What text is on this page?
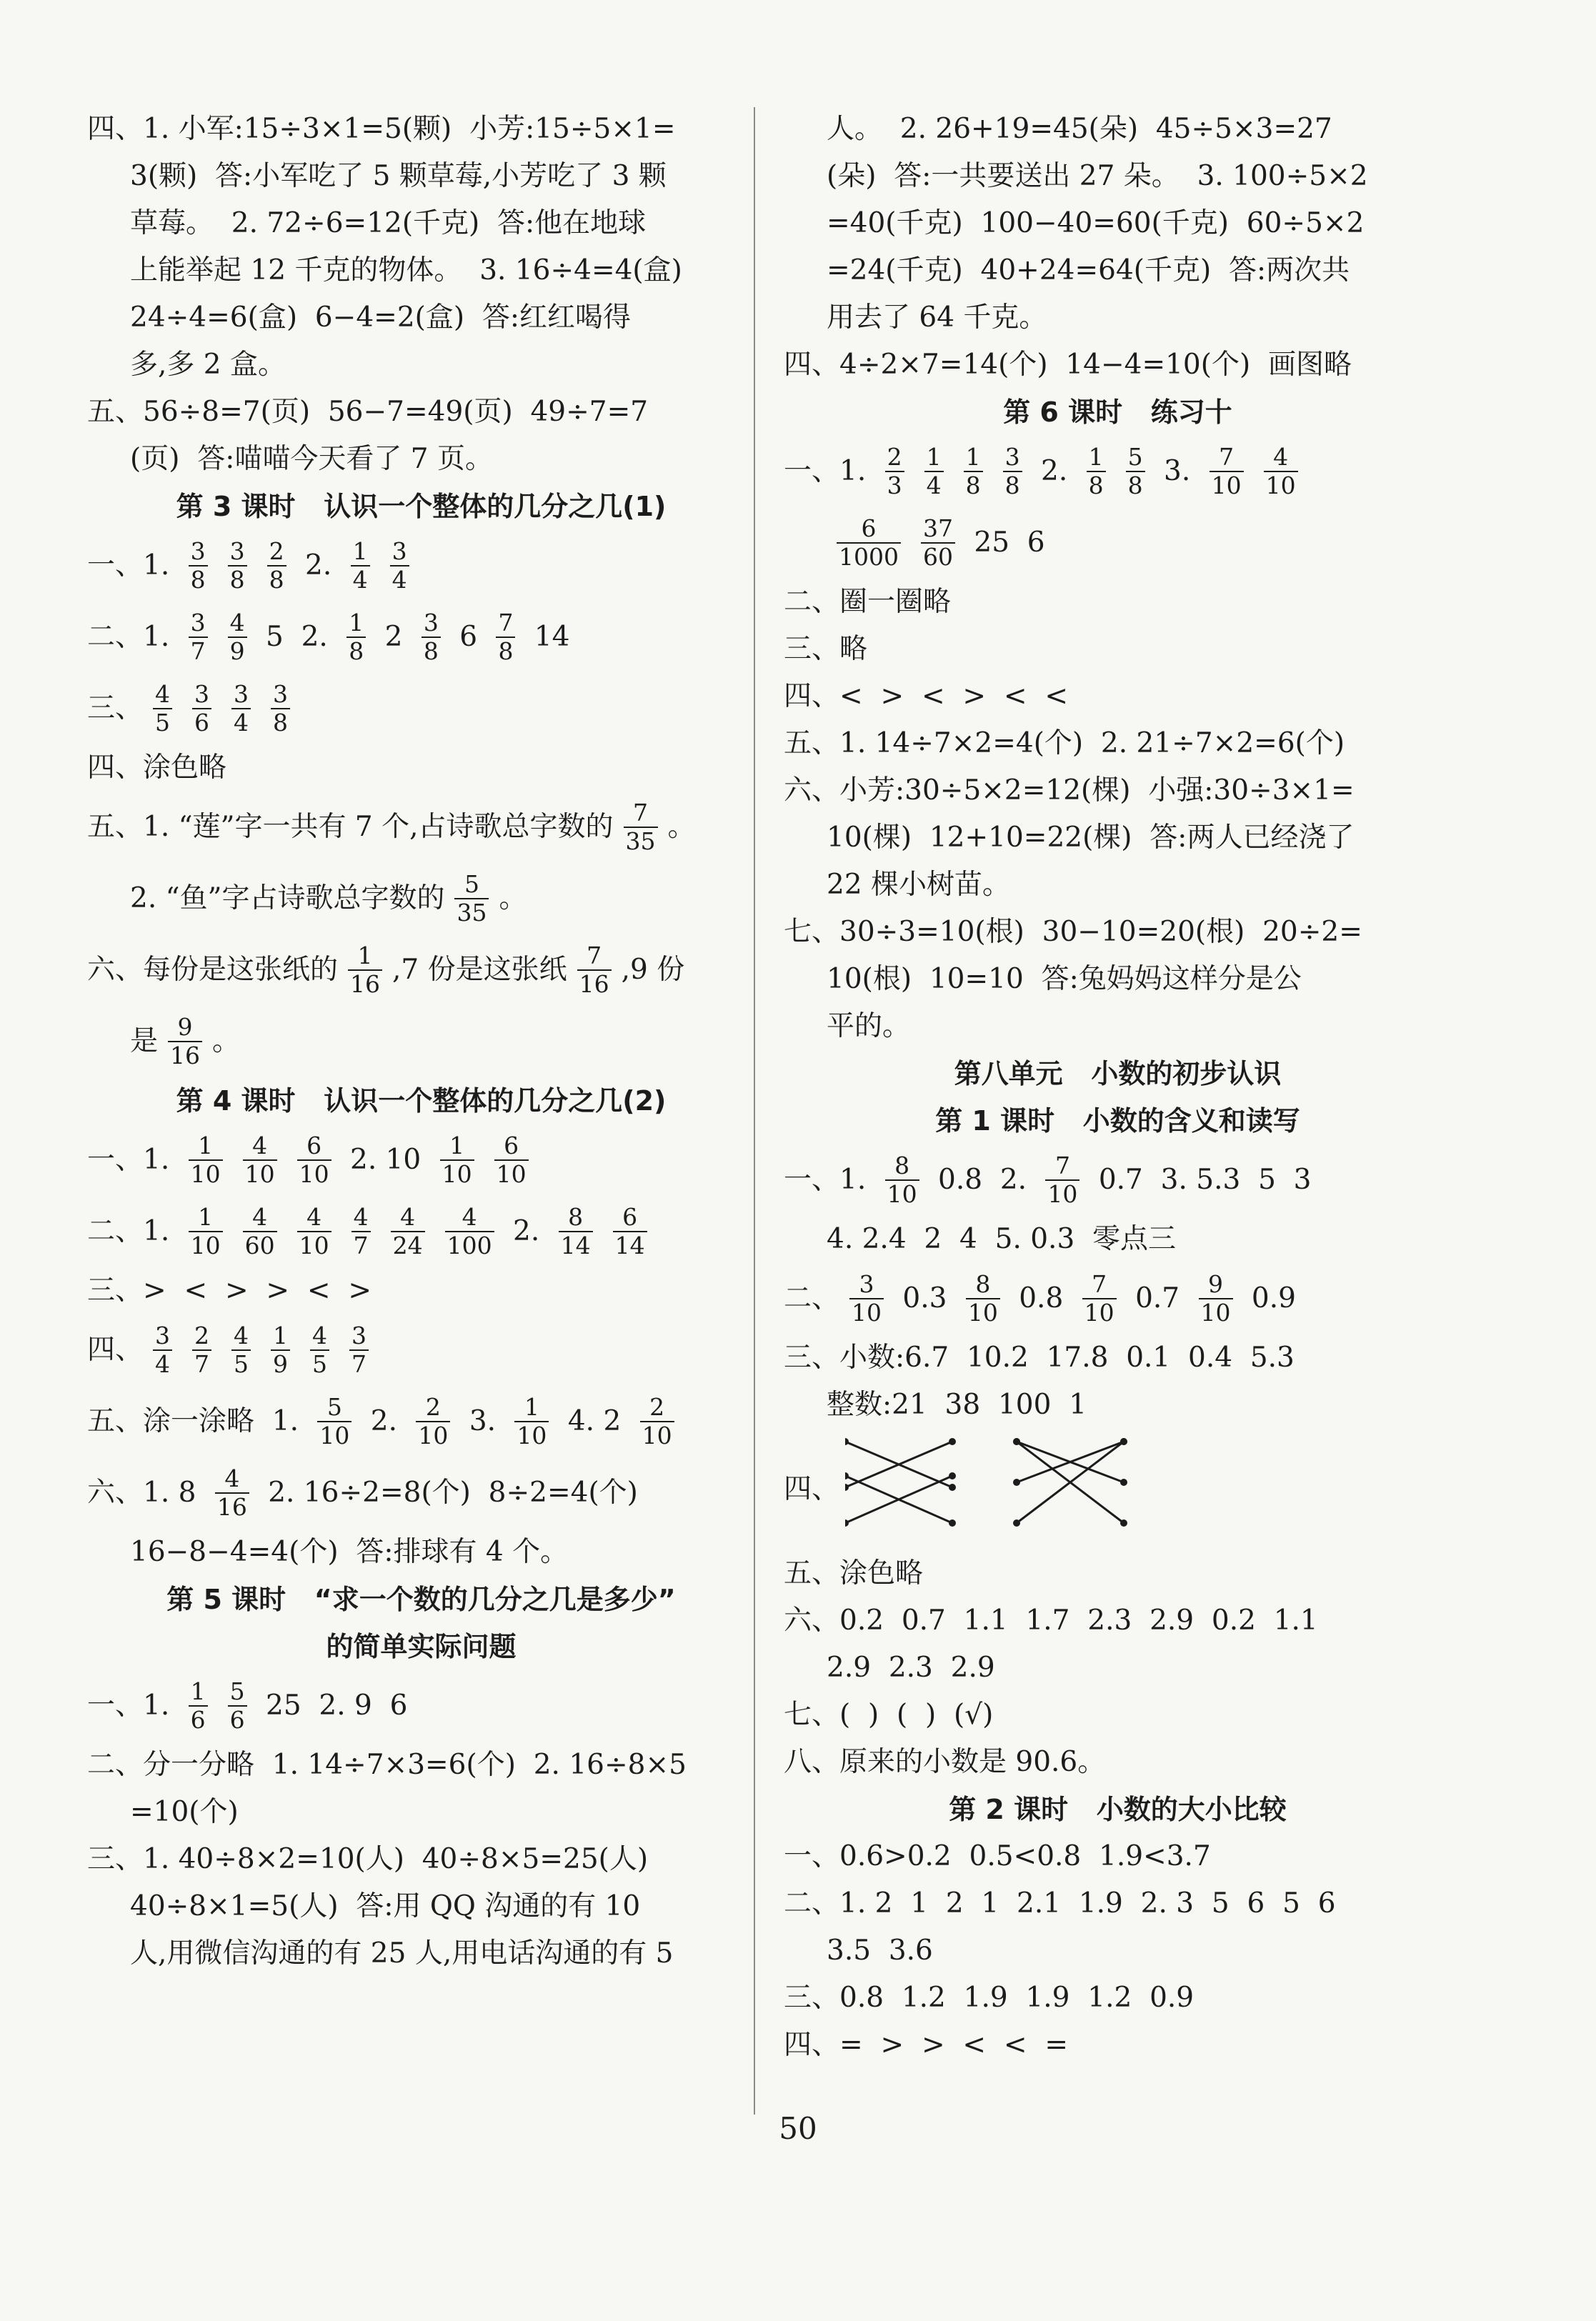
四、1. 小军:15÷3×1=5(颗)  小芳:15÷5×1=
3(颗)  答:小军吃了 5 颗草莓,小芳吃了 3 颗
草莓。  2. 72÷6=12(千克)  答:他在地球
上能举起 12 千克的物体。  3. 16÷4=4(盒)
24÷4=6(盒)  6−4=2(盒)  答:红红喝得
多,多 2 盒。
五、56÷8=7(页)  56−7=49(页)  49÷7=7
(页)  答:喵喵今天看了 7 页。
第 3 课时   认识一个整体的几分之几(1)
一、1. $\frac{3}{8} \frac{3}{8} \frac{2}{8} 2$. $\frac{1}{4} \frac{3}{4}$
二、1. $\frac{3}{7} \frac{4}{9} 5$  2. $\frac{1}{8} 2 \frac{3}{8} 6 \frac{7}{8} 14$
三、 $\frac{4}{5} \frac{3}{6} \frac{3}{4} \frac{3}{8}$
四、涂色略
五、1. “莲”字一共有 7 个,占诗歌总字数的 $\frac{7}{35}$ 。
2. “鱼”字占诗歌总字数的 $\frac{5}{35}$ 。
六、每份是这张纸的 $\frac{1}{16} ,7$ 份是这张纸 $\frac{7}{16} ,9$ 份
是 $\frac{9}{16}$ 。
第 4 课时   认识一个整体的几分之几(2)
一、1. $\frac{1}{10} \frac{4}{10} \frac{6}{10} 2$. $10 \frac{1}{10} \frac{6}{10}$
二、1. $\frac{1}{10} \frac{4}{60} \frac{4}{10} \frac{4}{7} \frac{4}{24} \frac{4}{100} 2$. $\frac{8}{14} \frac{6}{14}$
三、>  <  >  >  <  >
四、 $\frac{3}{4} \frac{2}{7} \frac{4}{5} \frac{1}{9} \frac{4}{5} \frac{3}{7}$
五、涂一涂略  1. $\frac{5}{10} 2$. $\frac{2}{10} 3$. $\frac{1}{10} 4$. $2 \frac{2}{10}$
六、1. $8 \frac{4}{16} 2$. 16÷2=8(个)  8÷2=4(个)
16−8−4=4(个)  答:排球有 4 个。
第 5 课时   “求一个数的几分之几是多少”
的简单实际问题
一、1. $\frac{1}{6} \frac{5}{6} 25$  2. 9  6
二、分一分略  1. 14÷7×3=6(个)  2. 16÷8×5
=10(个)
三、1. 40÷8×2=10(人)  40÷8×5=25(人)
40÷8×1=5(人)  答:用 QQ 沟通的有 10
人,用微信沟通的有 25 人,用电话沟通的有 5
人。  2. 26+19=45(朵)  45÷5×3=27
(朵)  答:一共要送出 27 朵。  3. 100÷5×2
=40(千克)  100−40=60(千克)  60÷5×2
=24(千克)  40+24=64(千克)  答:两次共
用去了 64 千克。
四、4÷2×7=14(个)  14−4=10(个)  画图略
第 6 课时   练习十
一、1. $\frac{2}{3} \frac{1}{4} \frac{1}{8} \frac{3}{8} 2$. $\frac{1}{8} \frac{5}{8} 3$. $\frac{7}{10} \frac{4}{10}$
$\frac{6}{1000} \frac{37}{60} 25$  6
二、圈一圈略
三、略
四、<  >  <  >  <  <
五、1. 14÷7×2=4(个)  2. 21÷7×2=6(个)
六、小芳:30÷5×2=12(棵)  小强:30÷3×1=
10(棵)  12+10=22(棵)  答:两人已经浇了
22 棵小树苗。
七、30÷3=10(根)  30−10=20(根)  20÷2=
10(根)  10=10  答:兔妈妈这样分是公
平的。
第八单元   小数的初步认识
第 1 课时   小数的含义和读写
一、1. $\frac{8}{10} 0.8$  2. $\frac{7}{10} 0.7$  3. 5.3  5  3
4. 2.4  2  4  5. 0.3  零点三
二、 $\frac{3}{10} 0.3 \frac{8}{10} 0.8 \frac{7}{10} 0.7 \frac{9}{10} 0.9$
三、小数:6.7  10.2  17.8  0.1  0.4  5.3
整数:21  38  100  1
四、
五、涂色略
六、0.2  0.7  1.1  1.7  2.3  2.9  0.2  1.1
2.9  2.3  2.9
七、(  )  (  )  (√)
八、原来的小数是 90.6。
第 2 课时   小数的大小比较
一、0.6>0.2  0.5<0.8  1.9<3.7
二、1. 2  1  2  1  2.1  1.9  2. 3  5  6  5  6
3.5  3.6
三、0.8  1.2  1.9  1.9  1.2  0.9
四、=  >  >  <  <  =
50
